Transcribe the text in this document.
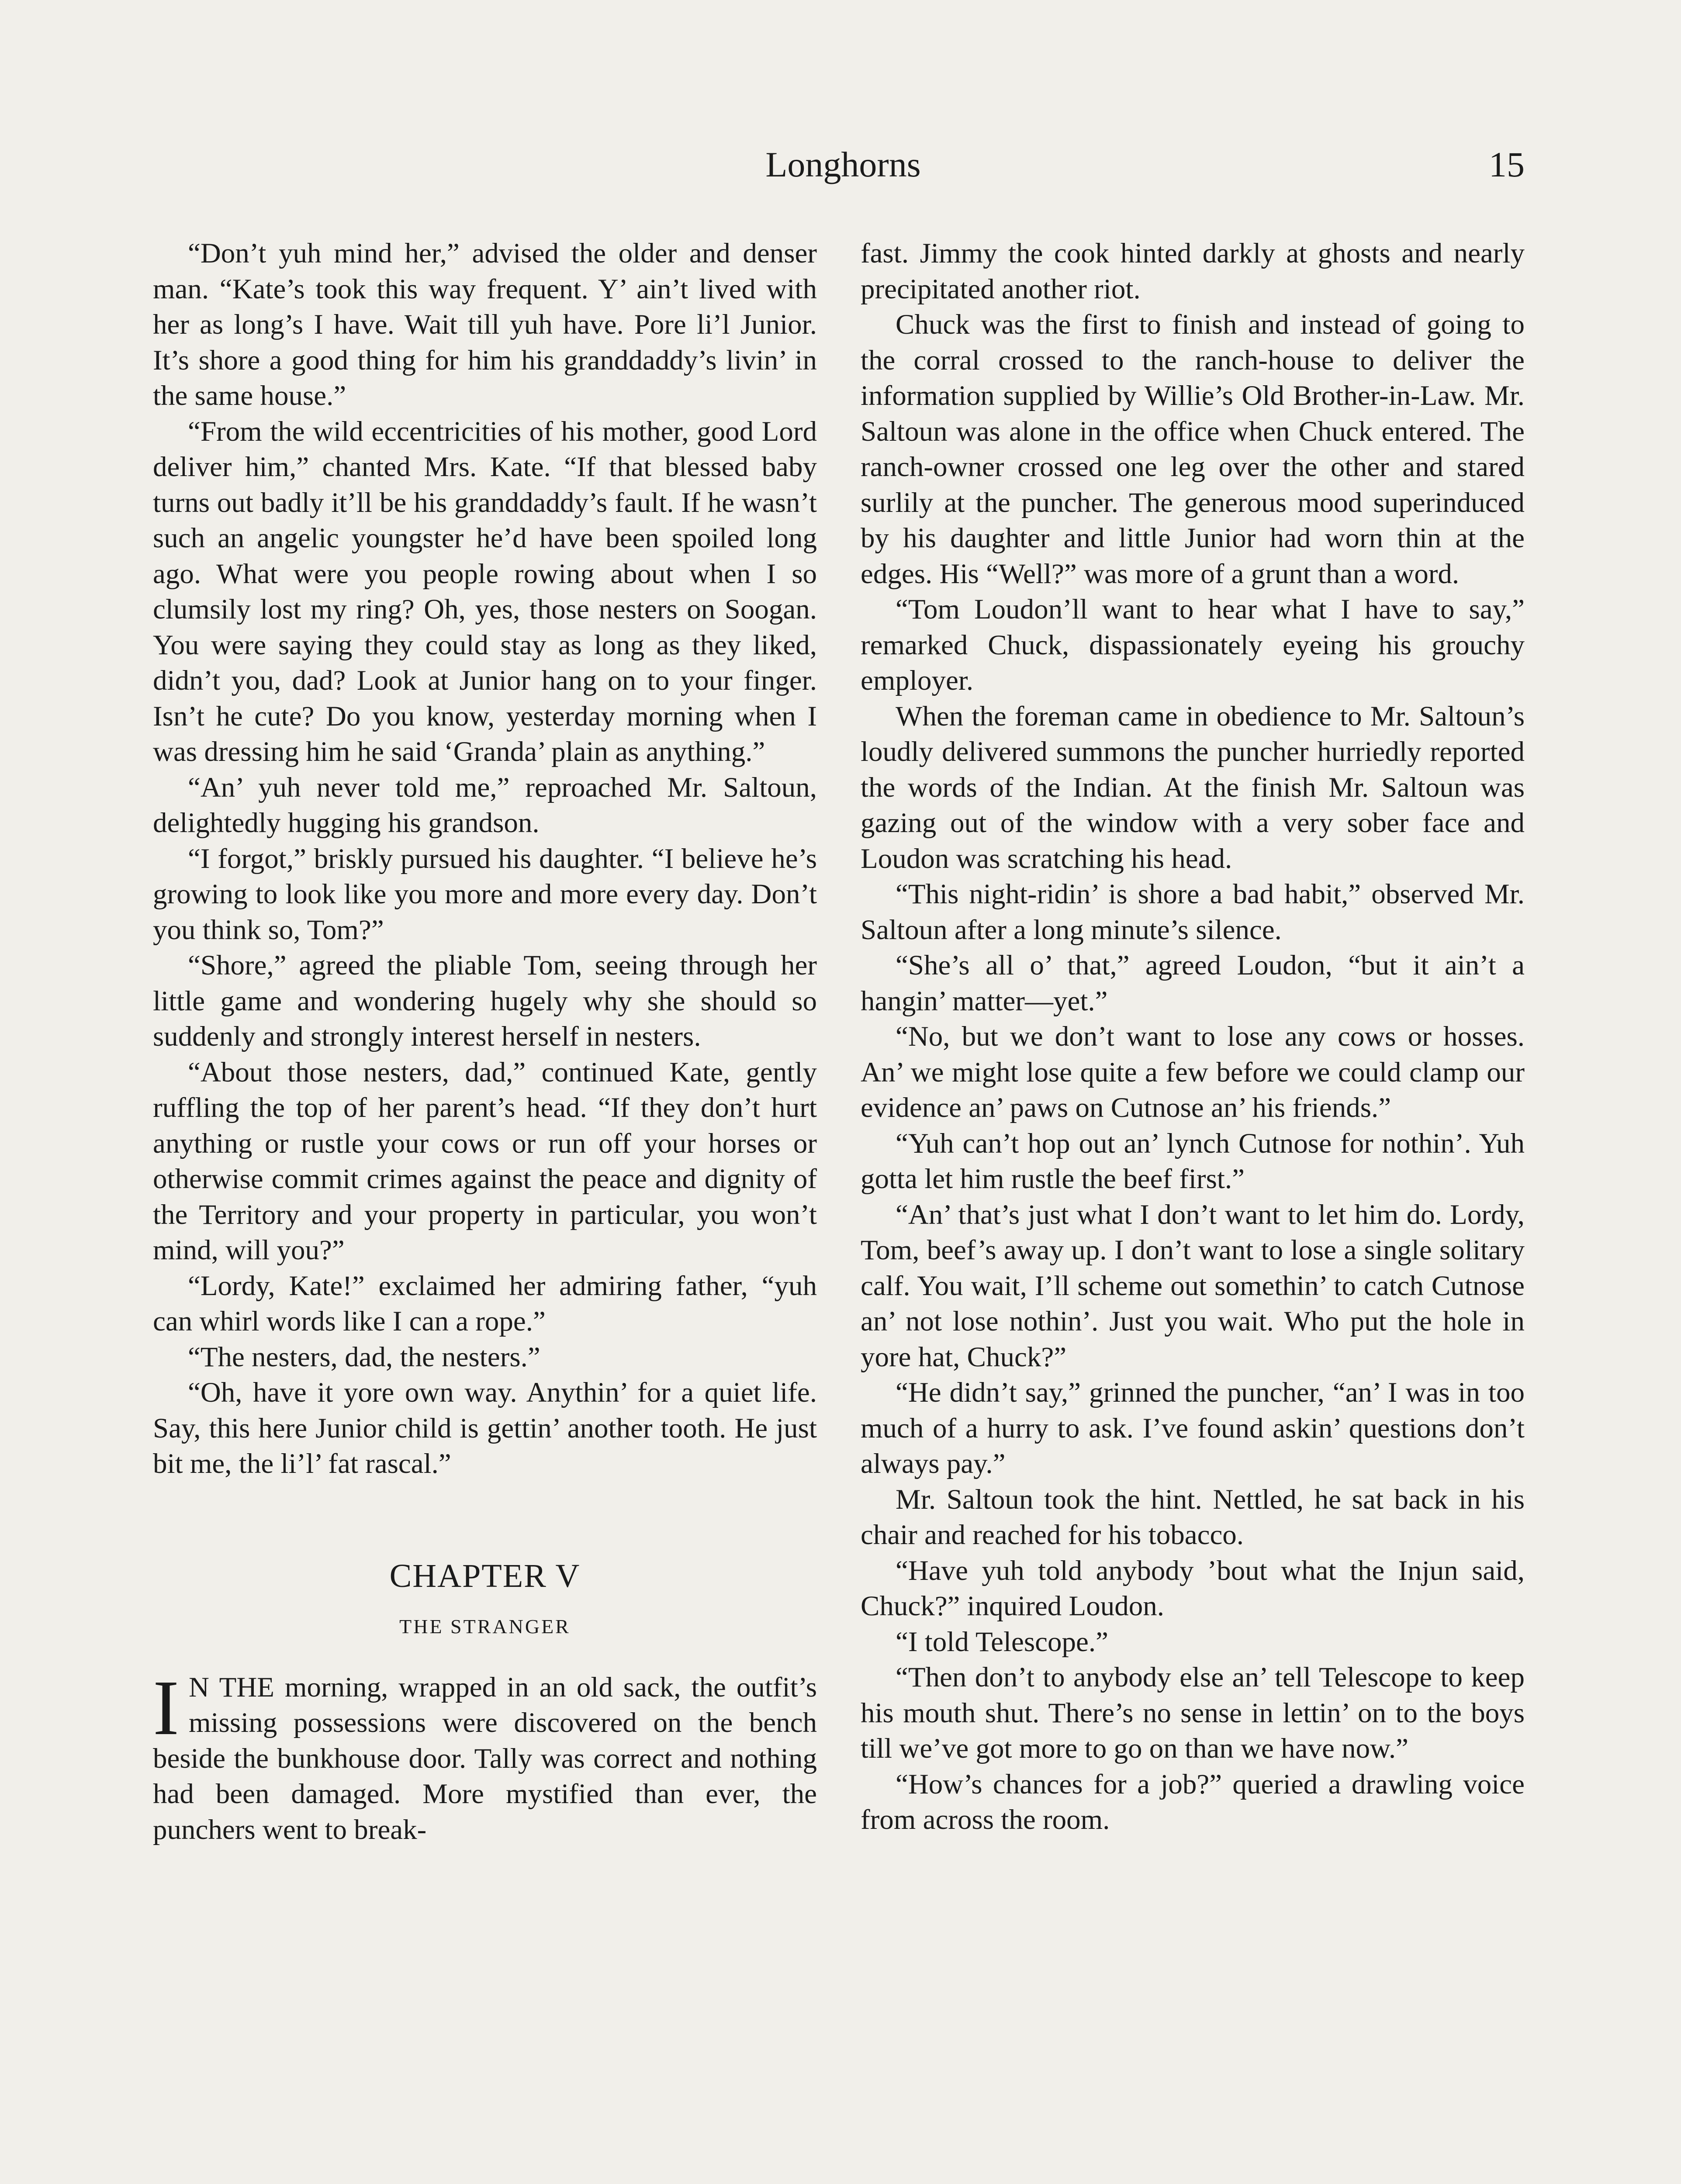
Longhorns	15

“Don’t yuh mind her,” advised the older and denser man. “Kate’s took this way frequent. Y’ ain’t lived with her as long’s I have. Wait till yuh have. Pore li’l Junior. It’s shore a good thing for him his granddaddy’s livin’ in the same house.”

“From the wild eccentricities of his mother, good Lord deliver him,” chanted Mrs. Kate. “If that blessed baby turns out badly it’ll be his granddaddy’s fault. If he wasn’t such an angelic youngster he’d have been spoiled long ago. What were you people rowing about when I so clumsily lost my ring? Oh, yes, those nesters on Soogan. You were saying they could stay as long as they liked, didn’t you, dad? Look at Junior hang on to your finger. Isn’t he cute? Do you know, yesterday morning when I was dressing him he said ‘Granda’ plain as anything.”

“An’ yuh never told me,” reproached Mr. Saltoun, delightedly hugging his grandson.

“I forgot,” briskly pursued his daughter. “I believe he’s growing to look like you more and more every day. Don’t you think so, Tom?”

“Shore,” agreed the pliable Tom, seeing through her little game and wondering hugely why she should so suddenly and strongly interest herself in nesters.

“About those nesters, dad,” continued Kate, gently ruffling the top of her parent’s head. “If they don’t hurt anything or rustle your cows or run off your horses or otherwise commit crimes against the peace and dignity of the Territory and your property in particular, you won’t mind, will you?”

“Lordy, Kate!” exclaimed her admiring father, “yuh can whirl words like I can a rope.”

“The nesters, dad, the nesters.”

“Oh, have it yore own way. Anythin’ for a quiet life. Say, this here Junior child is gettin’ another tooth. He just bit me, the li’l’ fat rascal.”

CHAPTER V
THE STRANGER

I N THE morning, wrapped in an old sack, the outfit’s missing possessions were discovered on the bench beside the bunkhouse door. Tally was correct and nothing had been damaged. More mystified than ever, the punchers went to break-

fast. Jimmy the cook hinted darkly at ghosts and nearly precipitated another riot.

Chuck was the first to finish and instead of going to the corral crossed to the ranch-house to deliver the information supplied by Willie’s Old Brother-in-Law. Mr. Saltoun was alone in the office when Chuck entered. The ranch-owner crossed one leg over the other and stared surlily at the puncher. The generous mood superinduced by his daughter and little Junior had worn thin at the edges. His “Well?” was more of a grunt than a word.

“Tom Loudon’ll want to hear what I have to say,” remarked Chuck, dispassionately eyeing his grouchy employer.

When the foreman came in obedience to Mr. Saltoun’s loudly delivered summons the puncher hurriedly reported the words of the Indian. At the finish Mr. Saltoun was gazing out of the window with a very sober face and Loudon was scratching his head.

“This night-ridin’ is shore a bad habit,” observed Mr. Saltoun after a long minute’s silence.

“She’s all o’ that,” agreed Loudon, “but it ain’t a hangin’ matter—yet.”

“No, but we don’t want to lose any cows or hosses. An’ we might lose quite a few before we could clamp our evidence an’ paws on Cutnose an’ his friends.”

“Yuh can’t hop out an’ lynch Cutnose for nothin’. Yuh gotta let him rustle the beef first.”

“An’ that’s just what I don’t want to let him do. Lordy, Tom, beef’s away up. I don’t want to lose a single solitary calf. You wait, I’ll scheme out somethin’ to catch Cutnose an’ not lose nothin’. Just you wait. Who put the hole in yore hat, Chuck?”

“He didn’t say,” grinned the puncher, “an’ I was in too much of a hurry to ask. I’ve found askin’ questions don’t always pay.”

Mr. Saltoun took the hint. Nettled, he sat back in his chair and reached for his tobacco.

“Have yuh told anybody ’bout what the Injun said, Chuck?” inquired Loudon.

“I told Telescope.”

“Then don’t to anybody else an’ tell Telescope to keep his mouth shut. There’s no sense in lettin’ on to the boys till we’ve got more to go on than we have now.”

“How’s chances for a job?” queried a drawling voice from across the room.
